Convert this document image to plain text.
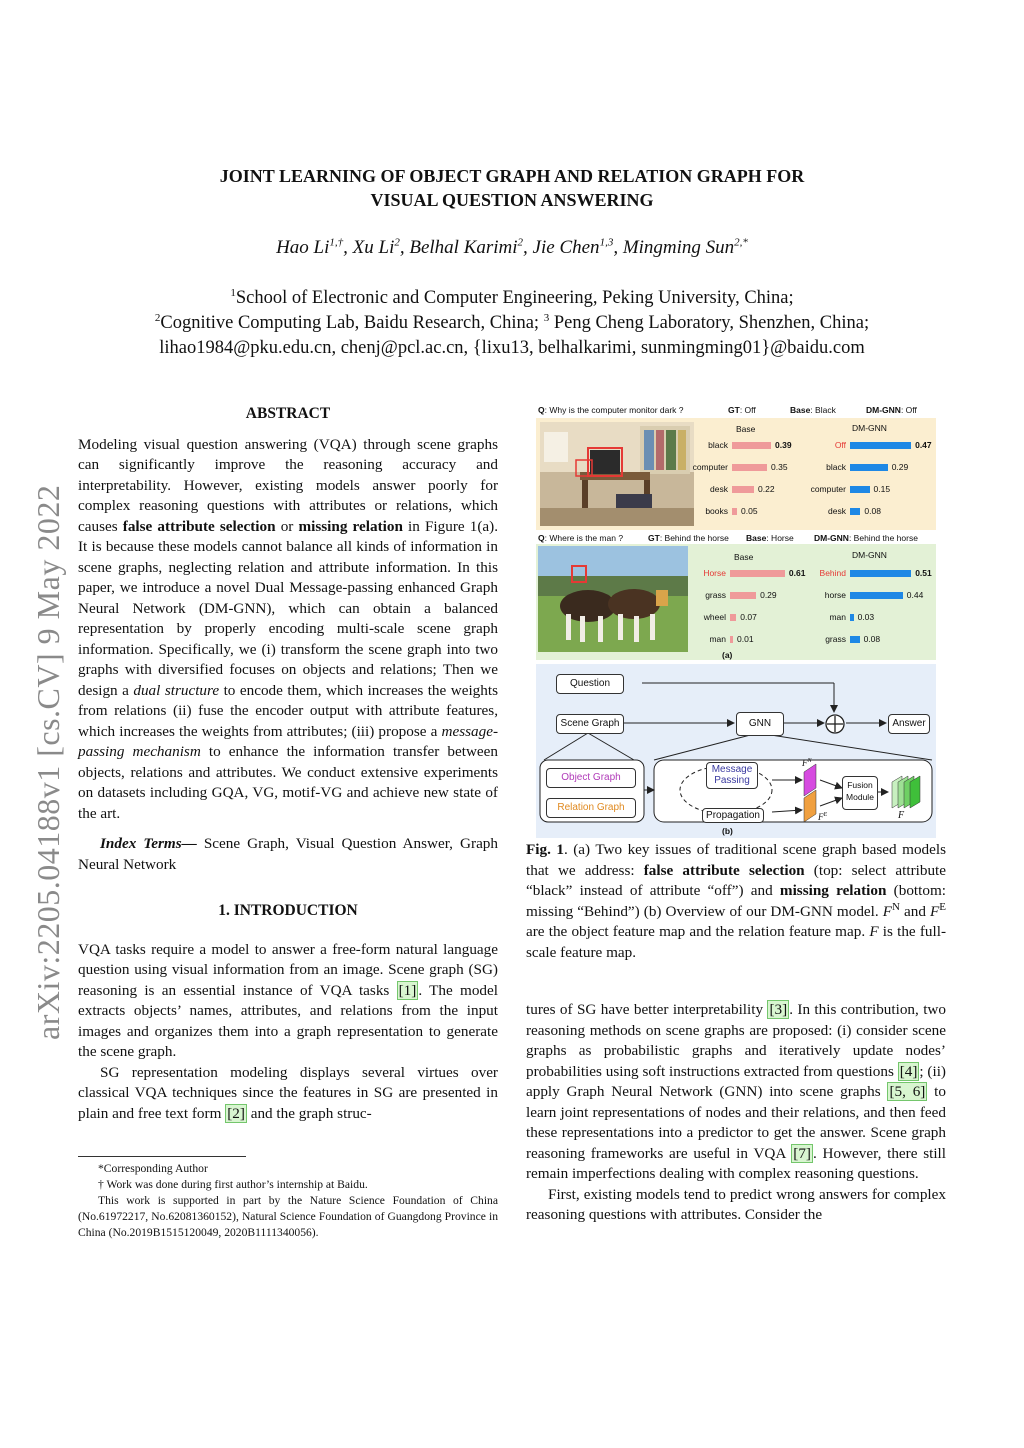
JOINT LEARNING OF OBJECT GRAPH AND RELATION GRAPH FOR
VISUAL QUESTION ANSWERING
Hao $Li^{1,\dagger}$, Xu Li$^2$, Belhal Karimi$^2$, Jie Chen$^{1,3}$, Mingming Sun$^{2,*}$
$^1$School of Electronic and Computer Engineering, Peking University, China;
$^2$Cognitive Computing Lab, Baidu Research, China; $^3$ Peng Cheng Laboratory, Shenzhen, China;
lihao1984@pku.edu.cn, chenj@pcl.ac.cn, {lixu13, belhalkarimi, sunmingming01}@baidu.com
arXiv:2205.04188v1 [cs.CV] 9 May 2022
ABSTRACT

Modeling visual question answering (VQA) through scene graphs can significantly improve the reasoning accuracy and interpretability. However, existing models answer poorly for complex reasoning questions with attributes or relations, which causes false attribute selection or missing relation in Figure 1(a). It is because these models cannot balance all kinds of information in scene graphs, neglecting relation and attribute information. In this paper, we introduce a novel Dual Message-passing enhanced Graph Neural Network (DM-GNN), which can obtain a balanced representation by properly encoding multi-scale scene graph information. Specifically, we (i) transform the scene graph into two graphs with diversified focuses on objects and relations; Then we design a dual structure to encode them, which increases the weights from relations (ii) fuse the encoder output with attribute features, which increases the weights from attributes; (iii) propose a message-passing mechanism to enhance the information transfer between objects, relations and attributes. We conduct extensive experiments on datasets including GQA, VG, motif-VG and achieve new state of the art.

Index Terms— Scene Graph, Visual Question Answer, Graph Neural Network

1. INTRODUCTION

VQA tasks require a model to answer a free-form natural language question using visual information from an image. Scene graph (SG) reasoning is an essential instance of VQA tasks [1] . The model extracts objects’ names, attributes, and relations from the input images and organizes them into a graph representation to generate the scene graph.

SG representation modeling displays several virtues over classical VQA techniques since the features in SG are presented in plain and free text form [2] and the graph struc-

*Corresponding Author
† Work was done during first author’s internship at Baidu.
This work is supported in part by the Nature Science Foundation of China (No.61972217, No.62081360152), Natural Science Foundation of Guangdong Province in China (No.2019B1515120049, 2020B1111340056).
Q: Why is the computer monitor dark ?	GT: Off	Base: Black	DM-GNN: Off
Base	DM-GNN
black	0.39
computer	0.35
desk	0.22
books 0.05
Off	0.47
black	0.29
computer	0.15
desk 0.08
Q: Where is the man ?	GT: Behind the horse Base: Horse DM-GNN: Behind the horse
Base	DM-GNN
Horse	0.61
grass	0.29
wheel 0.07
man 0.01
Behind	0.51
horse	0.44
man 0.03
grass 0.08
(a)
Question
Scene Graph	GNN	Answer
Object Graph
Relation Graph
Message
Passing
Propagation
Fusion
Module
$F^N$
$F^E$	F
(b)
Fig. 1. (a) Two key issues of traditional scene graph based models that we address: false attribute selection (top: select attribute “black” instead of attribute “off”) and missing relation (bottom: missing “Behind”) (b) Overview of our DM-GNN model. $F^N$ and $F^E$ are the object feature map and the relation feature map. F is the full-scale feature map.

tures of SG have better interpretability [3] . In this contribution, two reasoning methods on scene graphs are proposed: (i) consider scene graphs as probabilistic graphs and iteratively update nodes’ probabilities using soft instructions extracted from questions [4] ; (ii) apply Graph Neural Network (GNN) into scene graphs [5, 6] to learn joint representations of nodes and their relations, and then feed these representations into a predictor to get the answer. Scene graph reasoning frameworks are useful in VQA [7] . However, there still remain imperfections dealing with complex reasoning questions.

First, existing models tend to predict wrong answers for complex reasoning questions with attributes. Consider the
